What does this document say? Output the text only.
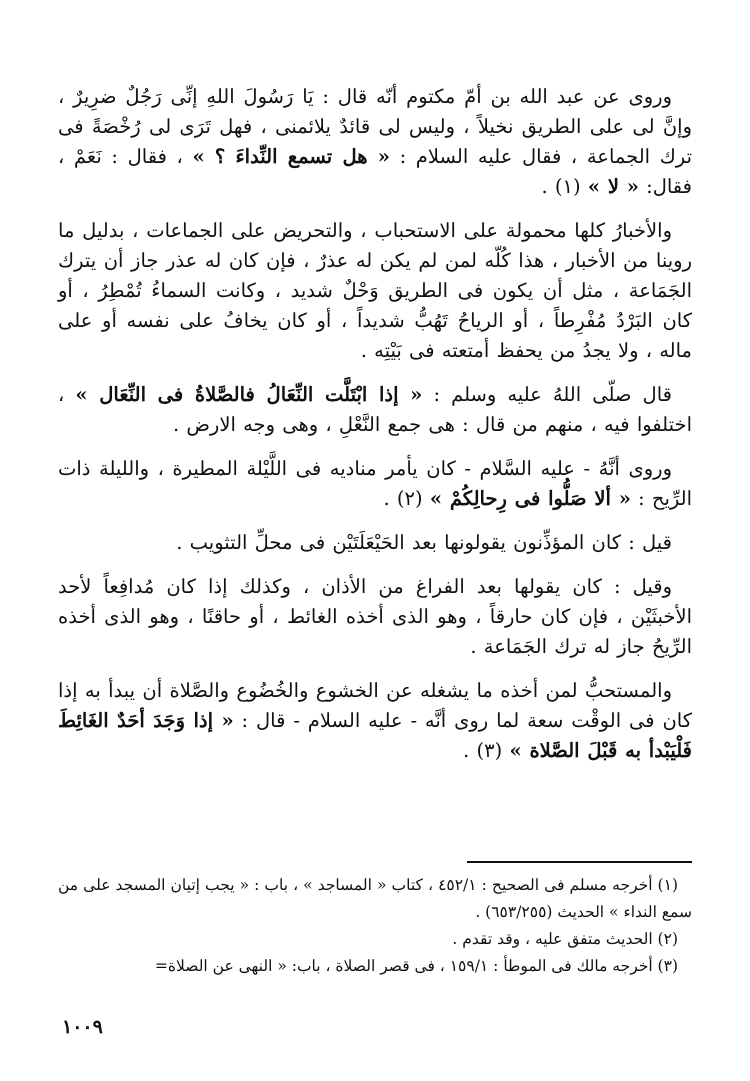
وروى عن عبد الله بن أمّ مكتوم أنّه قال : يَا رَسُولَ اللهِ إنِّى رَجُلٌ ضرِيرٌ ، وإنَّ لى على الطريق نخيلاً ، وليس لى قائدٌ يلائمنى ، فهل تَرَى لى رُخْصَةً فى ترك الجماعة ، فقال عليه السلام : « هل تسمع النِّداءَ ؟ » ، فقال : نَعَمْ ، فقال: « لا » (١) .

والأخبارُ كلها محمولة على الاستحباب ، والتحريض على الجماعات ، بدليل ما روينا من الأخبار ، هذا كُلّه لمن لم يكن له عذرٌ ، فإن كان له عذر جاز أن يترك الجَمَاعة ، مثل أن يكون فى الطريق وَحْلٌ شديد ، وكانت السماءُ تُمْطِرُ ، أو كان البَرْدُ مُفْرِطاً ، أو الرياحُ تَهُبُّ شديداً ، أو كان يخافُ على نفسه أو على ماله ، ولا يجدُ من يحفظ أمتعته فى بَيْتِه .

قال صلّى اللهُ عليه وسلم : « إذا ابْتَلَّت النِّعَالُ فالصَّلاةُ فى النِّعَال » ، اختلفوا فيه ، منهم من قال : هى جمع النَّعْلِ ، وهى وجه الارض .

وروى أنَّهُ - عليه السَّلام - كان يأمر مناديه فى اللَّيْلة المطيرة ، والليلة ذات الرِّيح : « ألا صَلُّوا فى رِحالِكُمْ » (٢) .

قيل : كان المؤذِّنون يقولونها بعد الحَيْعَلَتَيْن فى محلِّ التثويب .

وقيل : كان يقولها بعد الفراغ من الأذان ، وكذلك إذا كان مُدافِعاً لأحد الأخبثَيْن ، فإن كان حارقاً ، وهو الذى أخذه الغائط ، أو حاقنًا ، وهو الذى أخذه الرِّيحُ جاز له ترك الجَمَاعة .

والمستحبُّ لمن أخذه ما يشغله عن الخشوع والخُضُوع والصَّلاة أن يبدأ به إذا كان فى الوقْت سعة لما روى أنَّه - عليه السلام - قال : « إذا وَجَدَ أحَدٌ الغَائِطَ فَلْيَبْدأ به قَبْلَ الصَّلاة » (٣) .

(١) أخرجه مسلم فى الصحيح : ٤٥٢/١ ، كتاب « المساجد » ، باب : « يجب إتيان المسجد على من سمع النداء » الحديث (٦٥٣/٢٥٥) .

(٢) الحديث متفق عليه ، وقد تقدم .

(٣) أخرجه مالك فى الموطأ : ١٥٩/١ ، فى قصر الصلاة ، باب: « النهى عن الصلاة=

١٠٠٩
